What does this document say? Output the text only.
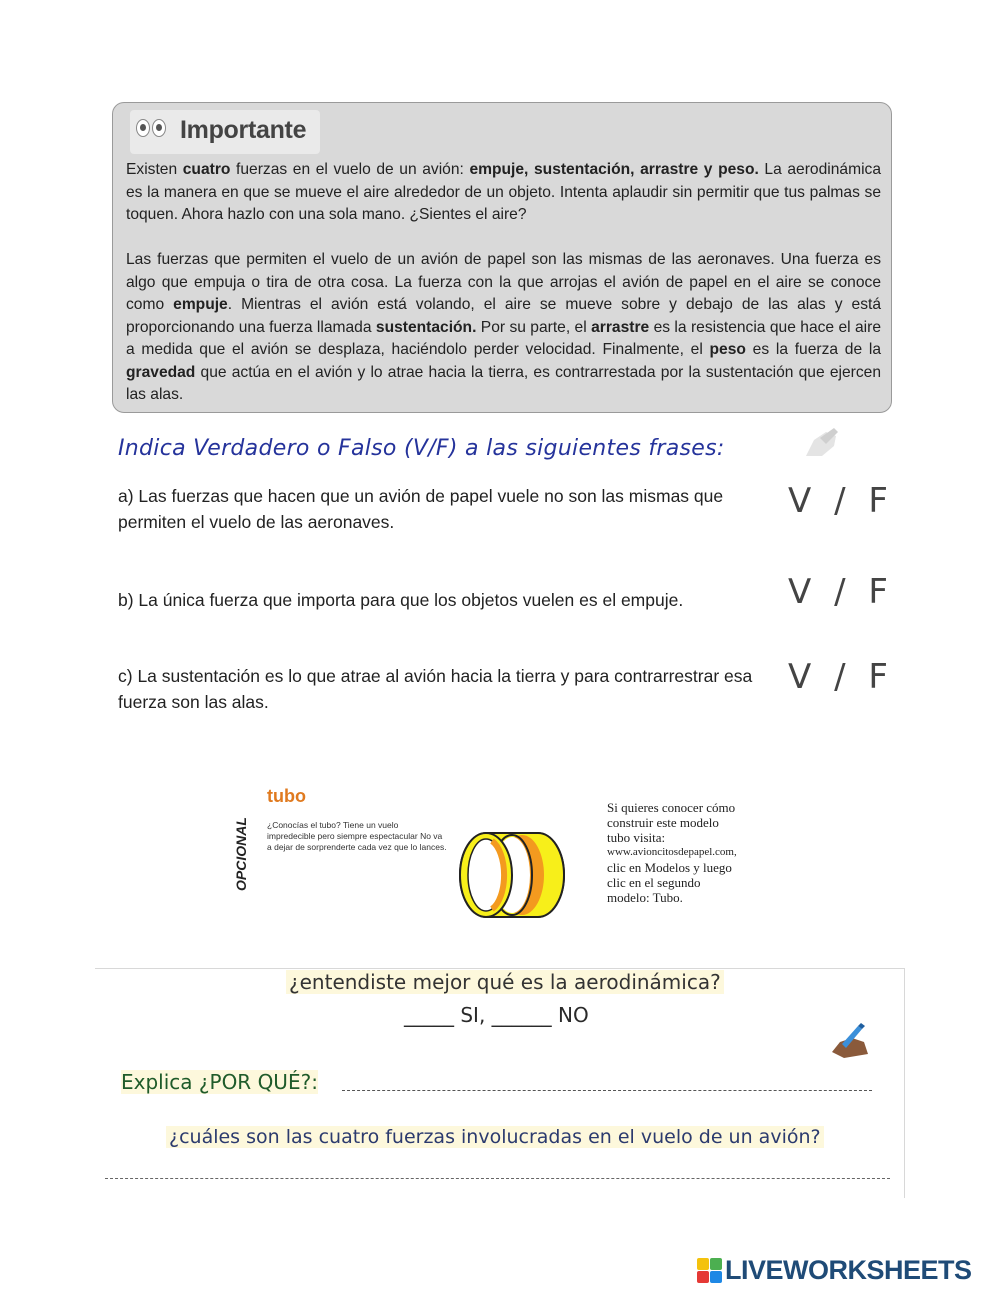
Importante

Existen cuatro fuerzas en el vuelo de un avión: empuje, sustentación, arrastre y peso. La aerodinámica es la manera en que se mueve el aire alrededor de un objeto. Intenta aplaudir sin permitir que tus palmas se toquen. Ahora hazlo con una sola mano. ¿Sientes el aire?

Las fuerzas que permiten el vuelo de un avión de papel son las mismas de las aeronaves. Una fuerza es algo que empuja o tira de otra cosa. La fuerza con la que arrojas el avión de papel en el aire se conoce como empuje. Mientras el avión está volando, el aire se mueve sobre y debajo de las alas y está proporcionando una fuerza llamada sustentación. Por su parte, el arrastre es la resistencia que hace el aire a medida que el avión se desplaza, haciéndolo perder velocidad. Finalmente, el peso es la fuerza de la gravedad que actúa en el avión y lo atrae hacia la tierra, es contrarrestada por la sustentación que ejercen las alas.

Indica Verdadero o Falso (V/F) a las siguientes frases:

a) Las fuerzas que hacen que un avión de papel vuele no son las mismas que permiten el vuelo de las aeronaves.

V / F

b) La única fuerza que importa para que los objetos vuelen es el empuje.	V / F

c) La sustentación es lo que atrae al avión hacia la tierra y para contrarrestrar esa fuerza son las alas.

V / F
OPCIONAL
tubo
¿Conocías el tubo? Tiene un vuelo impredecible pero siempre espectacular No va a dejar de sorprenderte cada vez que lo lances.
Si quieres conocer cómo
construir este modelo
tubo visita:
www.avioncitosdepapel.com,
clic en Modelos y luego
clic en el segundo
modelo: Tubo.
¿entendiste mejor qué es la aerodinámica?
_____ SI, ______ NO
Explica ¿POR QUÉ?:
¿cuáles son las cuatro fuerzas involucradas en el vuelo de un avión?
LIVEWORKSHEETS
